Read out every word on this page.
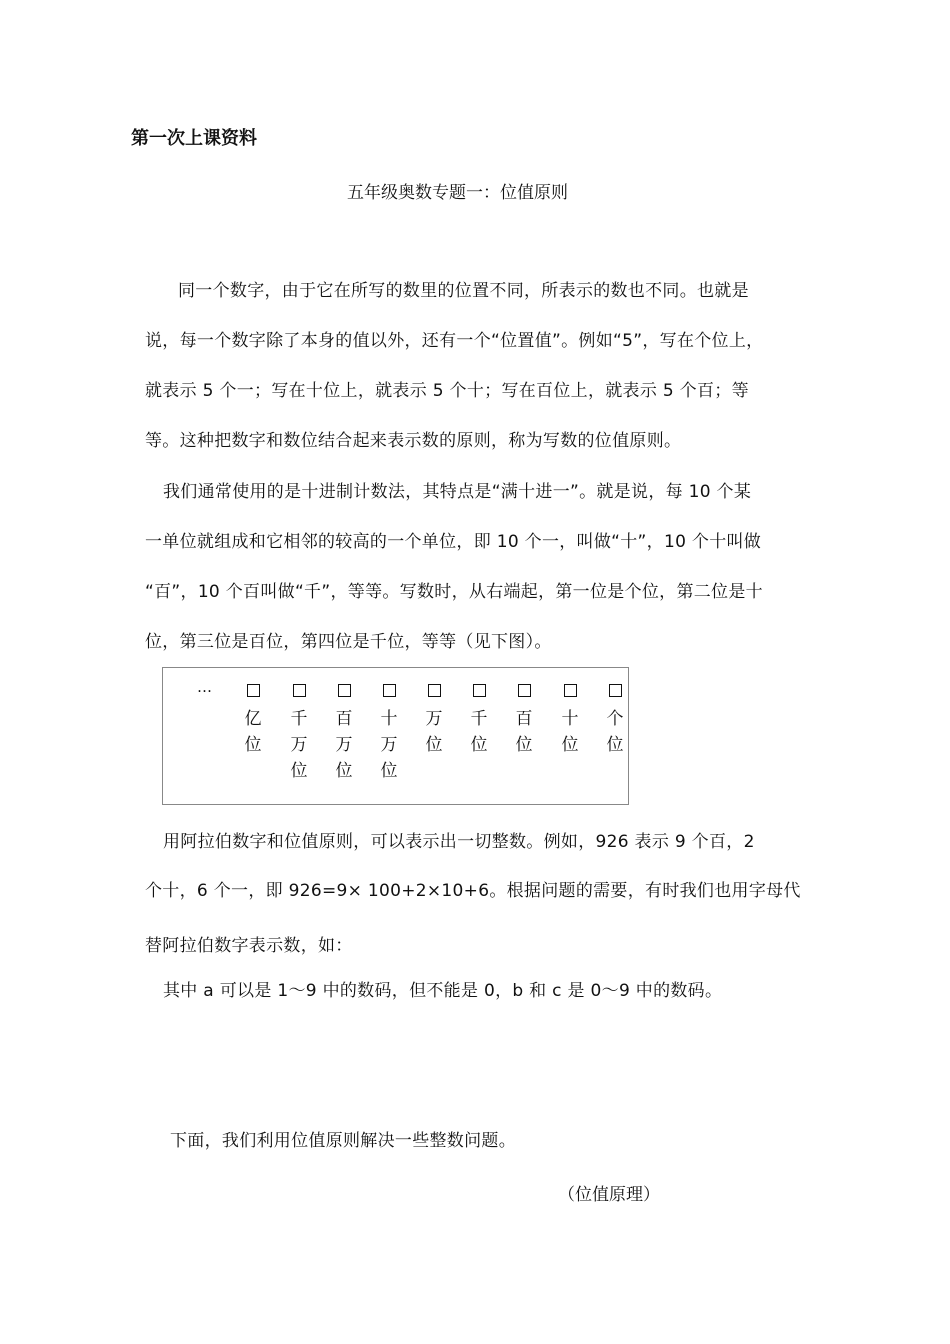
第一次上课资料
五年级奥数专题一：位值原则
同一个数字，由于它在所写的数里的位置不同，所表示的数也不同。也就是
说，每一个数字除了本身的值以外，还有一个“位置值”。例如“5”，写在个位上，
就表示 5 个一；写在十位上，就表示 5 个十；写在百位上，就表示 5 个百；等
等。这种把数字和数位结合起来表示数的原则，称为写数的位值原则。
我们通常使用的是十进制计数法，其特点是“满十进一”。就是说，每 10 个某
一单位就组成和它相邻的较高的一个单位，即 10 个一，叫做“十”，10 个十叫做
“百”，10 个百叫做“千”，等等。写数时，从右端起，第一位是个位，第二位是十
位，第三位是百位，第四位是千位，等等（见下图）。
…
亿
位
千
万
位
百
万
位
十
万
位
万
位
千
位
百
位
十
位
个
位
用阿拉伯数字和位值原则，可以表示出一切整数。例如，926 表示 9 个百，2
个十，6 个一，即 926=9× 100+2×10+6。根据问题的需要，有时我们也用字母代
替阿拉伯数字表示数，如：
其中 a 可以是 1～9 中的数码，但不能是 0，b 和 c 是 0～9 中的数码。
下面，我们利用位值原则解决一些整数问题。
（位值原理）
